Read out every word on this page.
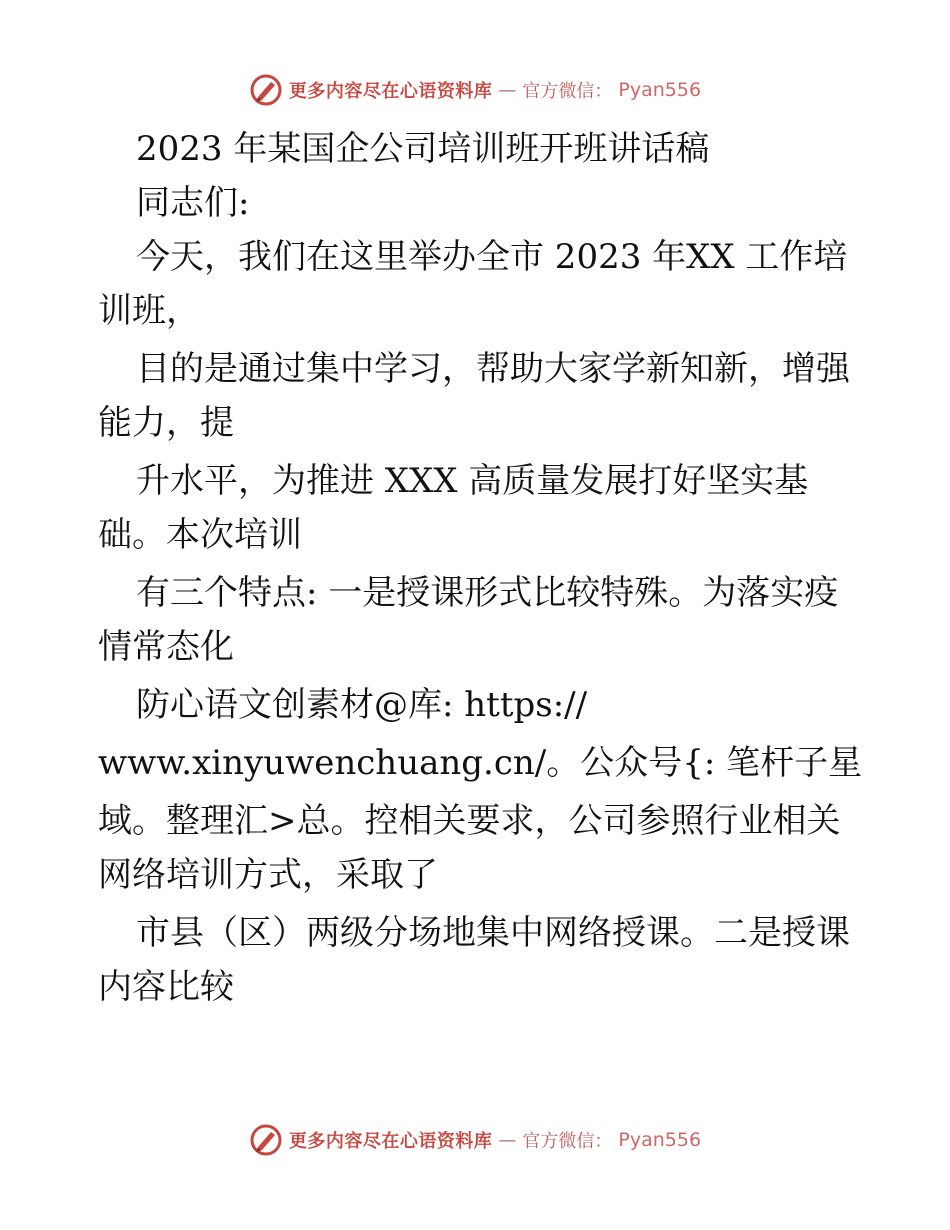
更多内容尽在心语资料库 — 官方微信： Pyan556

2023 年某国企公司培训班开班讲话稿

同志们:

今天，我们在这里举办全市 2023 年XX 工作培

训班，

目的是通过集中学习，帮助大家学新知新，增强

能力，提

升水平，为推进 XXX 高质量发展打好坚实基

础。本次培训

有三个特点: 一是授课形式比较特殊。为落实疫

情常态化

防心语文创素材@库: https://

www.xinyuwenchuang.cn/。公众号{: 笔杆子星

域。整理汇>总。控相关要求，公司参照行业相关

网络培训方式，采取了

市县（区）两级分场地集中网络授课。二是授课

内容比较

更多内容尽在心语资料库 — 官方微信： Pyan556
